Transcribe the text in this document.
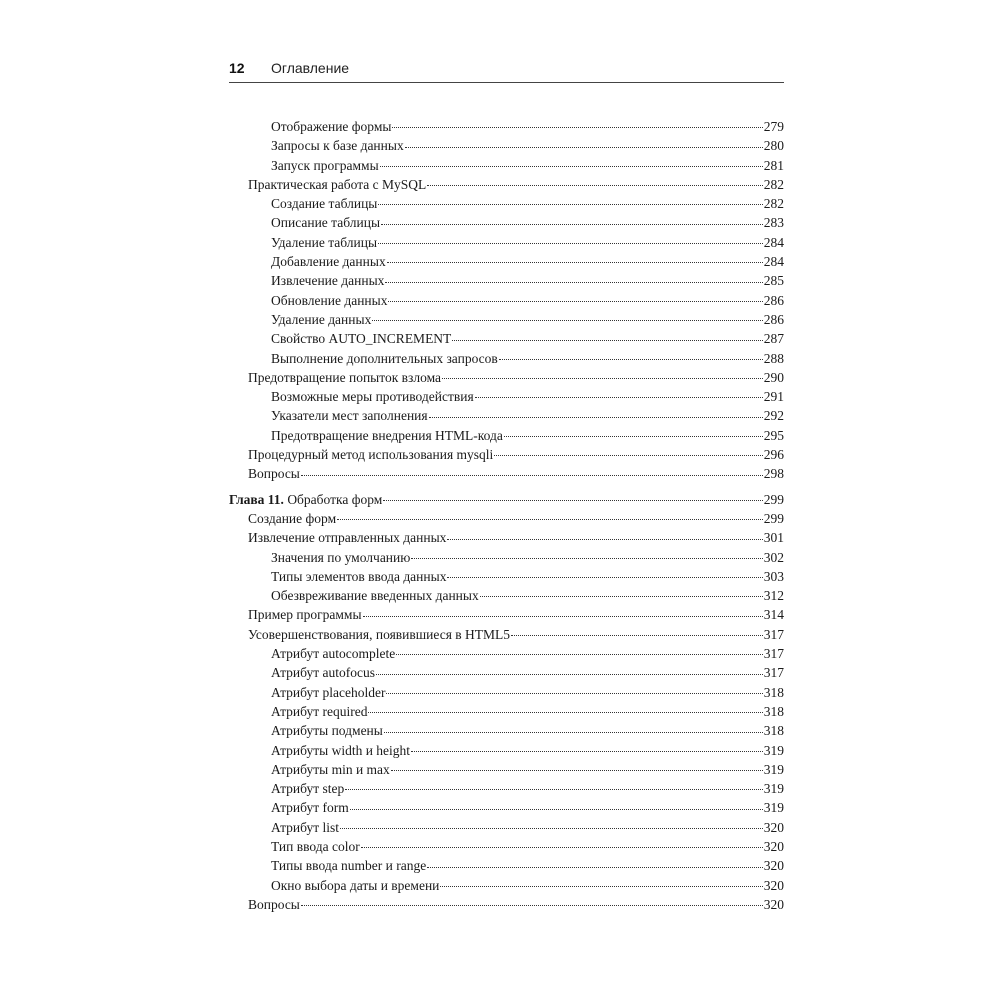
12 Оглавление
Отображение формы	279
Запросы к базе данных	280
Запуск программы	281
Практическая работа с MySQL	282
Создание таблицы	282
Описание таблицы	283
Удаление таблицы	284
Добавление данных	284
Извлечение данных	285
Обновление данных	286
Удаление данных	286
Свойство AUTO_INCREMENT	287
Выполнение дополнительных запросов	288
Предотвращение попыток взлома	290
Возможные меры противодействия	291
Указатели мест заполнения	292
Предотвращение внедрения HTML-кода	295
Процедурный метод использования mysqli	296
Вопросы	298
Глава 11. Обработка форм	299
Создание форм	299
Извлечение отправленных данных	301
Значения по умолчанию	302
Типы элементов ввода данных	303
Обезвреживание введенных данных	312
Пример программы	314
Усовершенствования, появившиеся в HTML5	317
Атрибут autocomplete	317
Атрибут autofocus	317
Атрибут placeholder	318
Атрибут required	318
Атрибуты подмены	318
Атрибуты width и height	319
Атрибуты min и max	319
Атрибут step	319
Атрибут form	319
Атрибут list	320
Тип ввода color	320
Типы ввода number и range	320
Окно выбора даты и времени	320
Вопросы	320
